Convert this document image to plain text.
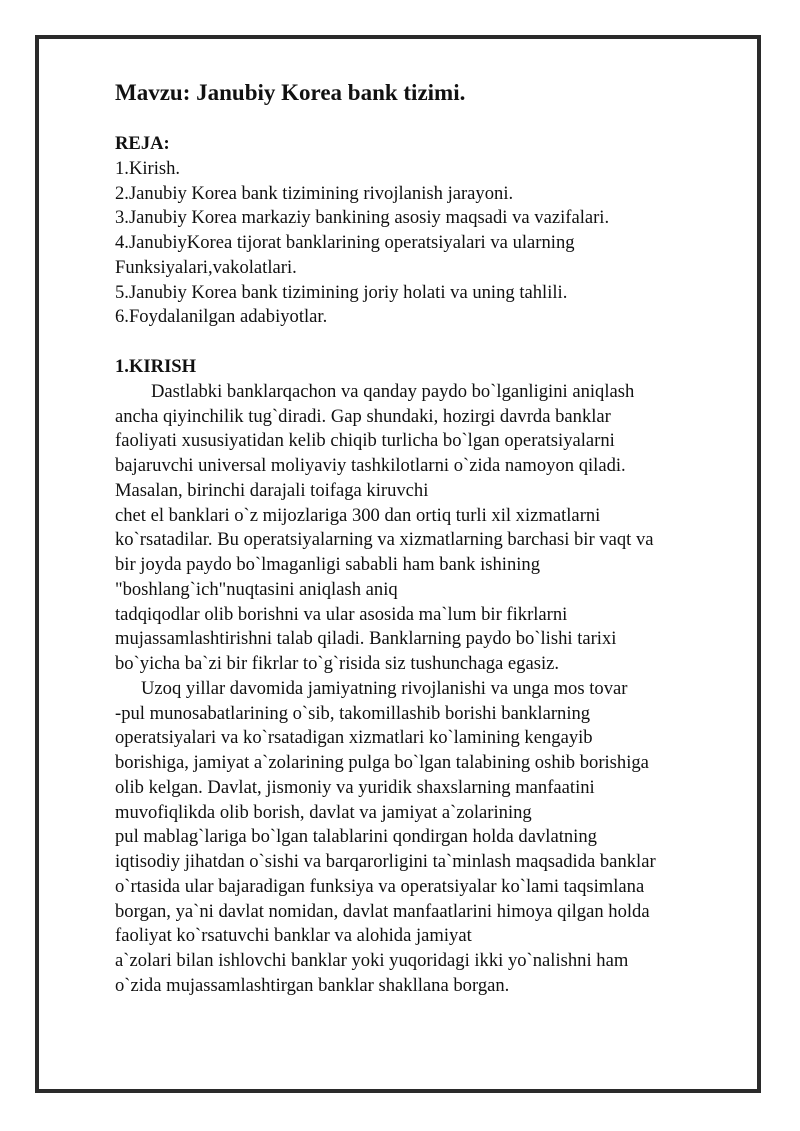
Mavzu: Janubiy Korea bank tizimi.
REJA:
1.Kirish.
2.Janubiy Korea bank tizimining rivojlanish jarayoni.
3.Janubiy Korea markaziy bankining asosiy maqsadi va vazifalari.
4.JanubiyKorea tijorat banklarining operatsiyalari va ularning
Funksiyalari,vakolatlari.
5.Janubiy Korea bank tizimining joriy holati va uning tahlili.
6.Foydalanilgan adabiyotlar.
1.KIRISH
Dastlabki banklarqachon va qanday paydo bo`lganligini aniqlash
ancha qiyinchilik tug`diradi. Gap shundaki, hozirgi davrda banklar
faoliyati xususiyatidan kelib chiqib turlicha bo`lgan operatsiyalarni
bajaruvchi universal moliyaviy tashkilotlarni o`zida namoyon qiladi.
Masalan, birinchi darajali toifaga kiruvchi
chet el banklari o`z mijozlariga 300 dan ortiq turli xil xizmatlarni
ko`rsatadilar. Bu operatsiyalarning va xizmatlarning barchasi bir vaqt va
bir joyda paydo bo`lmaganligi sababli ham bank ishining
"boshlang`ich"nuqtasini aniqlash aniq
tadqiqodlar olib borishni va ular asosida ma`lum bir fikrlarni
mujassamlashtirishni talab qiladi. Banklarning paydo bo`lishi tarixi
bo`yicha ba`zi bir fikrlar to`g`risida siz tushunchaga egasiz.
Uzoq yillar davomida jamiyatning rivojlanishi va unga mos tovar
-pul munosabatlarining o`sib, takomillashib borishi banklarning
operatsiyalari va ko`rsatadigan xizmatlari ko`lamining kengayib
borishiga, jamiyat a`zolarining pulga bo`lgan talabining oshib borishiga
olib kelgan. Davlat, jismoniy va yuridik shaxslarning manfaatini
muvofiqlikda olib borish, davlat va jamiyat a`zolarining
pul mablag`lariga bo`lgan talablarini qondirgan holda davlatning
iqtisodiy jihatdan o`sishi va barqarorligini ta`minlash maqsadida banklar
o`rtasida ular bajaradigan funksiya va operatsiyalar ko`lami taqsimlana
borgan, ya`ni davlat nomidan, davlat manfaatlarini himoya qilgan holda
faoliyat ko`rsatuvchi banklar va alohida jamiyat
a`zolari bilan ishlovchi banklar yoki yuqoridagi ikki yo`nalishni ham
o`zida mujassamlashtirgan banklar shakllana borgan.
